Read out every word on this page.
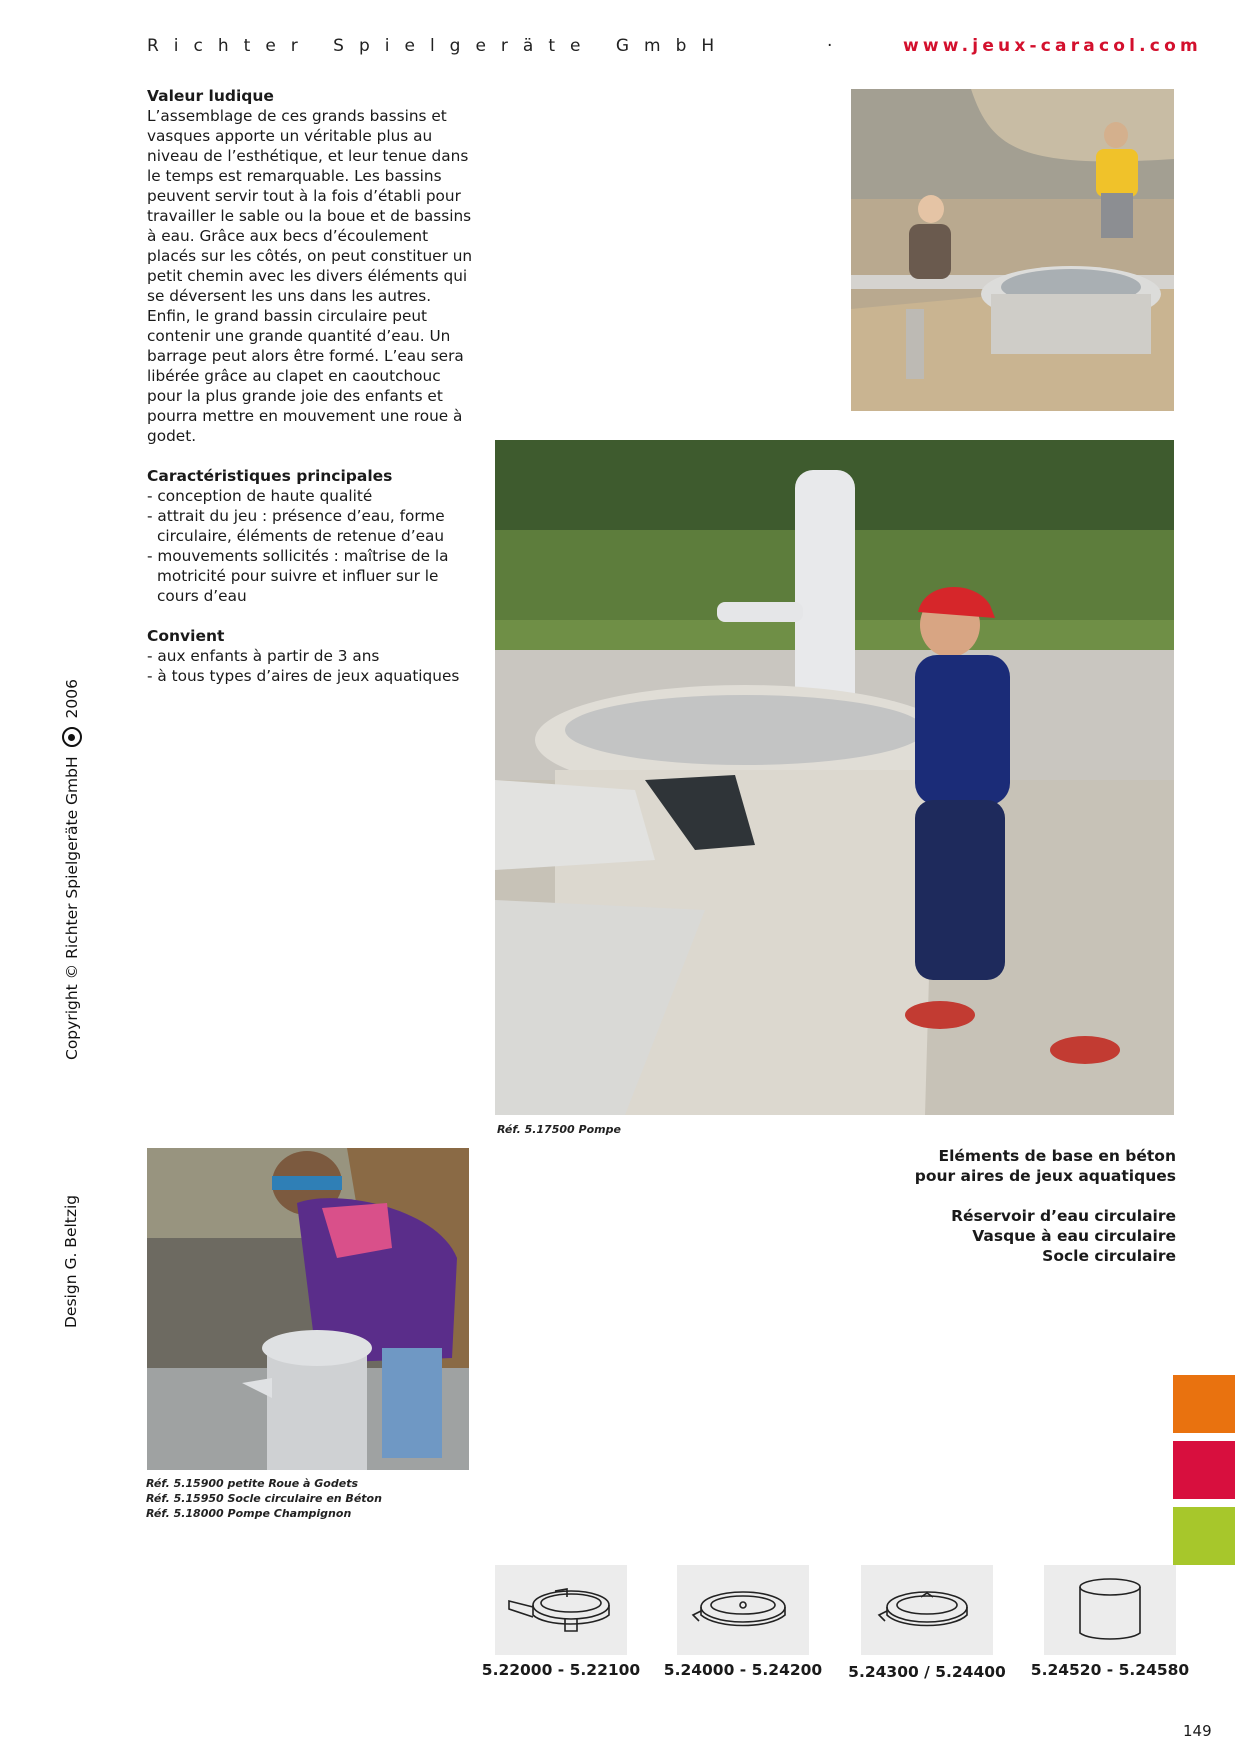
Richter Spielgeräte GmbH	·	www.jeux-caracol.com
Valeur ludique

L’assemblage de ces grands bassins et vasques apporte un véritable plus au niveau de l’esthétique, et leur tenue dans le temps est remarquable. Les bassins peuvent servir tout à la fois d’établi pour travailler le sable ou la boue et de bassins à eau. Grâce aux becs d’écoulement placés sur les côtés, on peut constituer un petit chemin avec les divers éléments qui se déversent les uns dans les autres. Enfin, le grand bassin circulaire peut contenir une grande quantité d’eau. Un barrage peut alors être formé. L’eau sera libérée grâce au clapet en caoutchouc pour la plus grande joie des enfants et pourra mettre en mouvement une roue à godet.

Caractéristiques principales
- conception de haute qualité
- attrait du jeu : présence d’eau, forme circulaire, éléments de retenue d’eau
- mouvements sollicités : maîtrise de la motricité pour suivre et influer sur le cours d’eau
Convient
- aux enfants à partir de 3 ans
- à tous types d’aires de jeux aquatiques
Copyright © Richter Spielgeräte GmbH
2006
Design G. Beltzig
Réf. 5.17500 Pompe
Réf. 5.15900 petite Roue à Godets
Réf. 5.15950 Socle circulaire en Béton
Réf. 5.18000 Pompe Champignon
Eléments de base en béton
pour aires de jeux aquatiques
Réservoir d’eau circulaire
Vasque à eau circulaire
Socle circulaire
5.22000 - 5.22100	5.24000 - 5.24200	5.24300 / 5.24400	5.24520 - 5.24580
149
